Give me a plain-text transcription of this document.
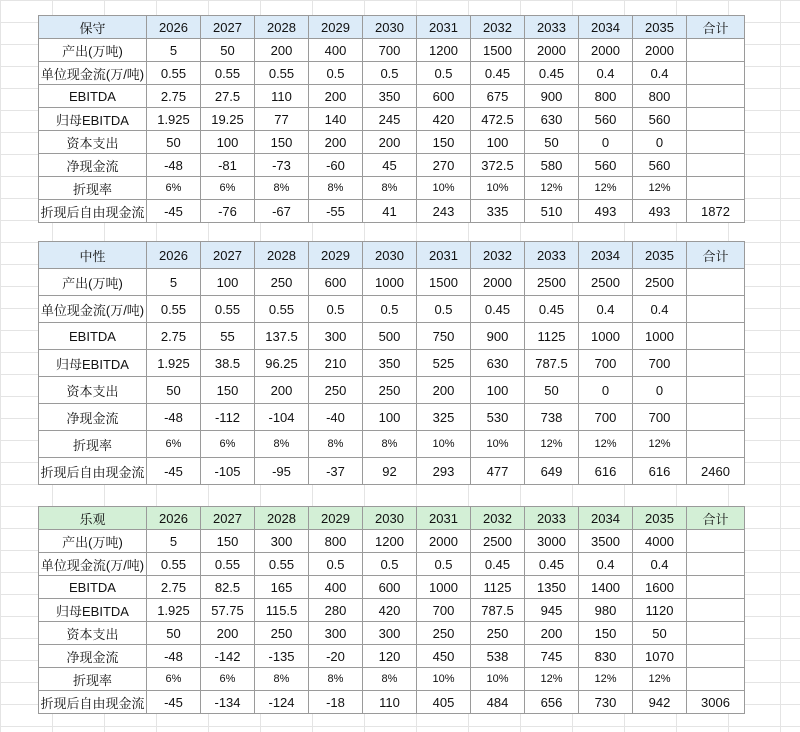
保守	2026	2027	2028	2029	2030	2031	2032	2033	2034	2035	合计
产出(万吨)	5	50	200	400	700	1200	1500	2000	2000	2000	
单位现金流(万/吨)	0.55	0.55	0.55	0.5	0.5	0.5	0.45	0.45	0.4	0.4	
EBITDA	2.75	27.5	110	200	350	600	675	900	800	800	
归母EBITDA	1.925	19.25	77	140	245	420	472.5	630	560	560	
资本支出	50	100	150	200	200	150	100	50	0	0	
净现金流	-48	-81	-73	-60	45	270	372.5	580	560	560	
折现率	6%	6%	8%	8%	8%	10%	10%	12%	12%	12%	
折现后自由现金流	-45	-76	-67	-55	41	243	335	510	493	493	1872
中性	2026	2027	2028	2029	2030	2031	2032	2033	2034	2035	合计
产出(万吨)	5	100	250	600	1000	1500	2000	2500	2500	2500	
单位现金流(万/吨)	0.55	0.55	0.55	0.5	0.5	0.5	0.45	0.45	0.4	0.4	
EBITDA	2.75	55	137.5	300	500	750	900	1125	1000	1000	
归母EBITDA	1.925	38.5	96.25	210	350	525	630	787.5	700	700	
资本支出	50	150	200	250	250	200	100	50	0	0	
净现金流	-48	-112	-104	-40	100	325	530	738	700	700	
折现率	6%	6%	8%	8%	8%	10%	10%	12%	12%	12%	
折现后自由现金流	-45	-105	-95	-37	92	293	477	649	616	616	2460
乐观	2026	2027	2028	2029	2030	2031	2032	2033	2034	2035	合计
产出(万吨)	5	150	300	800	1200	2000	2500	3000	3500	4000	
单位现金流(万/吨)	0.55	0.55	0.55	0.5	0.5	0.5	0.45	0.45	0.4	0.4	
EBITDA	2.75	82.5	165	400	600	1000	1125	1350	1400	1600	
归母EBITDA	1.925	57.75	115.5	280	420	700	787.5	945	980	1120	
资本支出	50	200	250	300	300	250	250	200	150	50	
净现金流	-48	-142	-135	-20	120	450	538	745	830	1070	
折现率	6%	6%	8%	8%	8%	10%	10%	12%	12%	12%	
折现后自由现金流	-45	-134	-124	-18	110	405	484	656	730	942	3006
